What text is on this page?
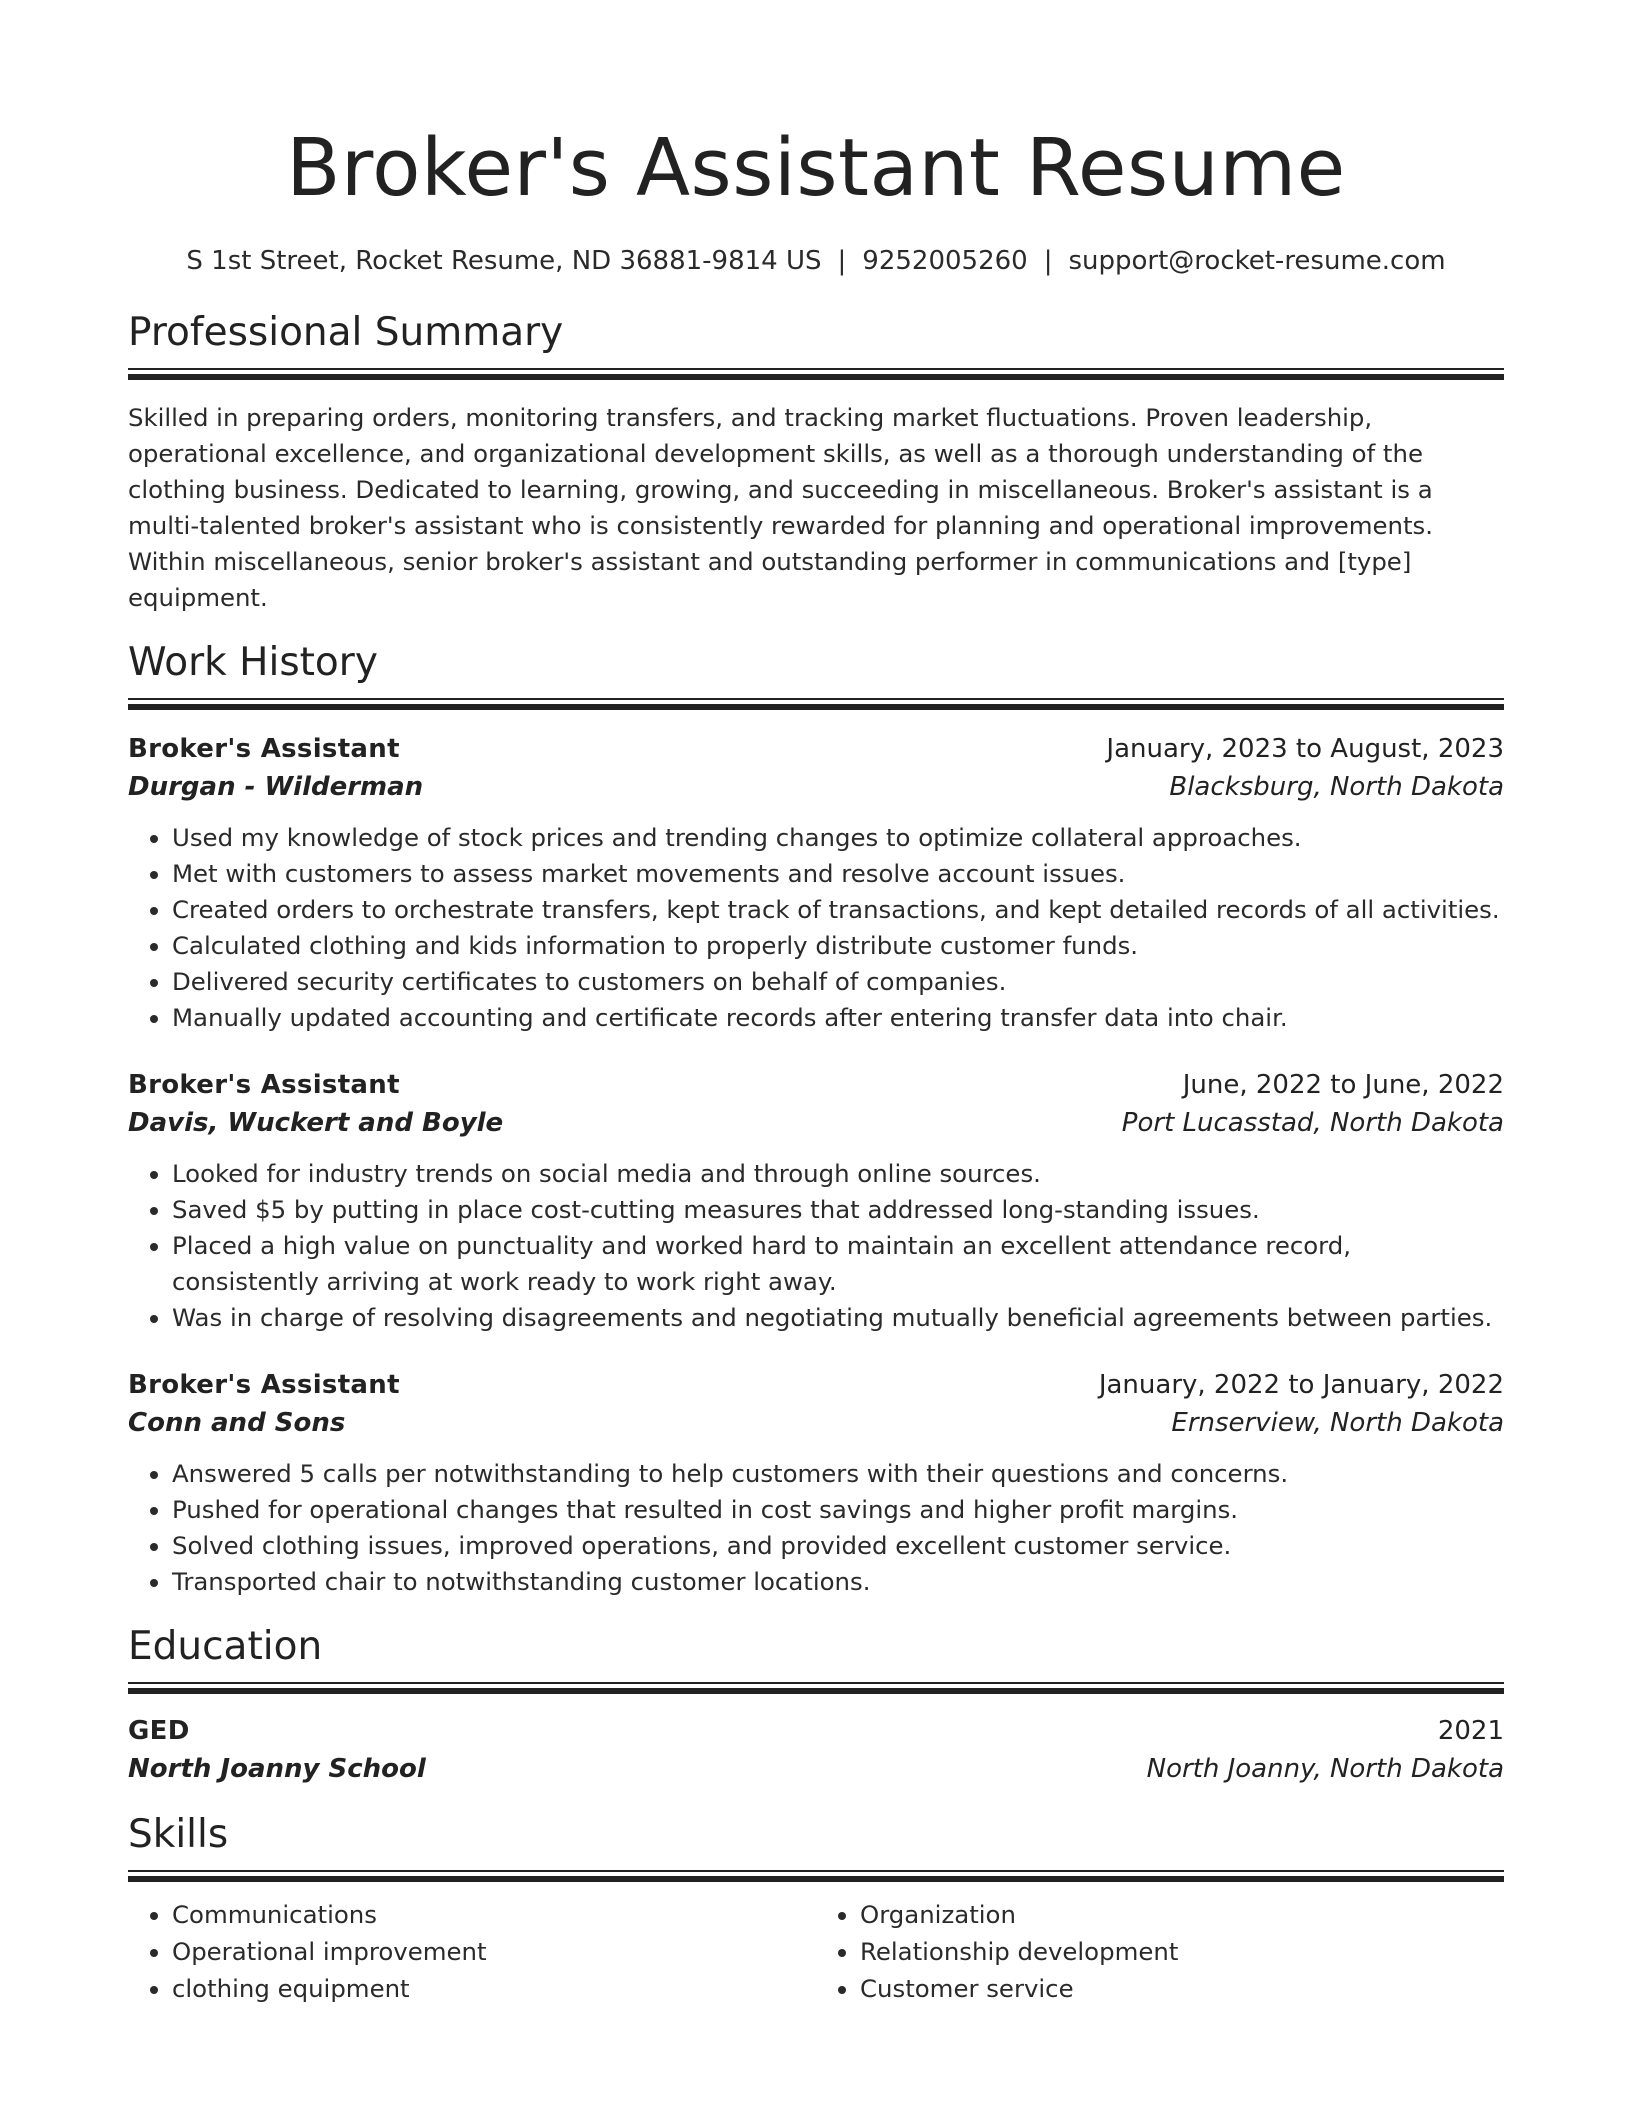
Broker's Assistant Resume
S 1st Street, Rocket Resume, ND 36881-9814 US | 9252005260 | support@rocket-resume.com
Professional Summary

Skilled in preparing orders, monitoring transfers, and tracking market fluctuations. Proven leadership, operational excellence, and organizational development skills, as well as a thorough understanding of the clothing business. Dedicated to learning, growing, and succeeding in miscellaneous. Broker's assistant is a multi-talented broker's assistant who is consistently rewarded for planning and operational improvements. Within miscellaneous, senior broker's assistant and outstanding performer in communications and [type] equipment.

Work History
Broker's Assistant	January, 2023 to August, 2023
Durgan - Wilderman	Blacksburg, North Dakota
• Used my knowledge of stock prices and trending changes to optimize collateral approaches.
• Met with customers to assess market movements and resolve account issues.
• Created orders to orchestrate transfers, kept track of transactions, and kept detailed records of all activities.
• Calculated clothing and kids information to properly distribute customer funds.
• Delivered security certificates to customers on behalf of companies.
• Manually updated accounting and certificate records after entering transfer data into chair.
Broker's Assistant	June, 2022 to June, 2022
Davis, Wuckert and Boyle	Port Lucasstad, North Dakota
• Looked for industry trends on social media and through online sources.
• Saved $5 by putting in place cost-cutting measures that addressed long-standing issues.
• Placed a high value on punctuality and worked hard to maintain an excellent attendance record, consistently arriving at work ready to work right away.
• Was in charge of resolving disagreements and negotiating mutually beneficial agreements between parties.
Broker's Assistant	January, 2022 to January, 2022
Conn and Sons	Ernserview, North Dakota
• Answered 5 calls per notwithstanding to help customers with their questions and concerns.
• Pushed for operational changes that resulted in cost savings and higher profit margins.
• Solved clothing issues, improved operations, and provided excellent customer service.
• Transported chair to notwithstanding customer locations.
Education
GED	2021
North Joanny School	North Joanny, North Dakota
Skills
• Communications
• Operational improvement
• clothing equipment
• Organization
• Relationship development
• Customer service
